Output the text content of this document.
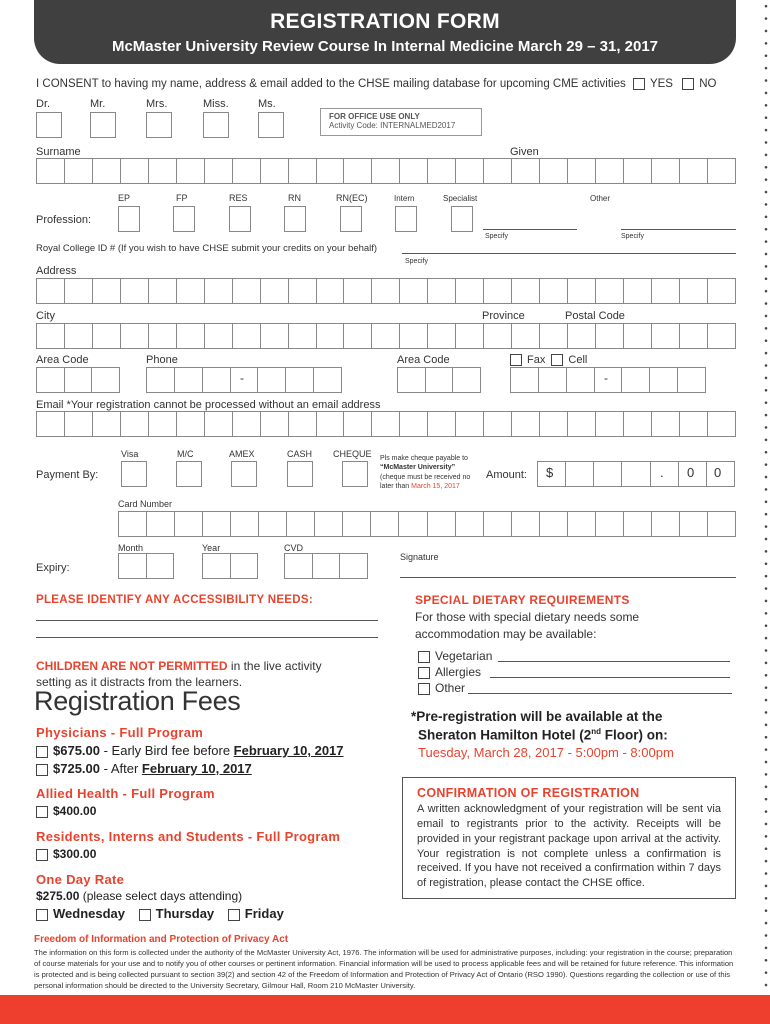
REGISTRATION FORM
McMaster University Review Course In Internal Medicine March 29 – 31, 2017
I CONSENT to having my name, address & email added to the CHSE mailing database for upcoming CME activities YES NO
Dr.	Mr.	Mrs.	Miss.	Ms.
FOR OFFICE USE ONLY
Activity Code: INTERNALMED2017
Surname	Given
EP	FP	RES	RN	RN(EC)	Intern	Specialist	Other
Profession:
Specify	Specify
Royal College ID # (If you wish to have CHSE submit your credits on your behalf)
Specify
Address
City	Province	Postal Code
Area Code	Phone	Area Code	Fax Cell
-	-
Email *Your registration cannot be processed without an email address
Visa	M/C	AMEX	CASH CHEQUE
Payment By:
Pls make cheque payable to
“McMaster University”
(cheque must be received no
later than March 15, 2017
Amount: $	. 0 0
Card Number
Month	Year	CVD
Expiry:
Signature
PLEASE IDENTIFY ANY ACCESSIBILITY NEEDS:
CHILDREN ARE NOT PERMITTED in the live activity
setting as it distracts from the learners.
Registration Fees
Physicians - Full Program
$675.00 - Early Bird fee before February 10, 2017
$725.00 - After February 10, 2017
Allied Health - Full Program
$400.00
Residents, Interns and Students - Full Program
$300.00
One Day Rate
$275.00 (please select days attending)
Wednesday Thursday Friday
SPECIAL DIETARY REQUIREMENTS
For those with special dietary needs some
accommodation may be available:
Vegetarian
Allergies
Other
*Pre-registration will be available at the
Sheraton Hamilton Hotel (2nd Floor) on:
Tuesday, March 28, 2017 - 5:00pm - 8:00pm
CONFIRMATION OF REGISTRATION

A written acknowledgment of your registration will be sent via email to registrants prior to the activity. Receipts will be provided in your registrant package upon arrival at the activity. Your registration is not complete unless a confirmation is received. If you have not received a confirmation within 7 days of registration, please contact the CHSE office.

Freedom of Information and Protection of Privacy Act

The information on this form is collected under the authority of the McMaster University Act, 1976. The information will be used for administrative purposes, including: your registration in the course; preparation of course materials for your use and to notify you of other courses or pertinent information. Financial information will be used to process applicable fees and will be retained for future reference. This information is protected and is being collected pursuant to section 39(2) and section 42 of the Freedom of Information and Protection of Privacy Act of Ontario (RSO 1990). Questions regarding the collection or use of this personal information should be directed to the University Secretary, Gilmour Hall, Room 210 McMaster University.
